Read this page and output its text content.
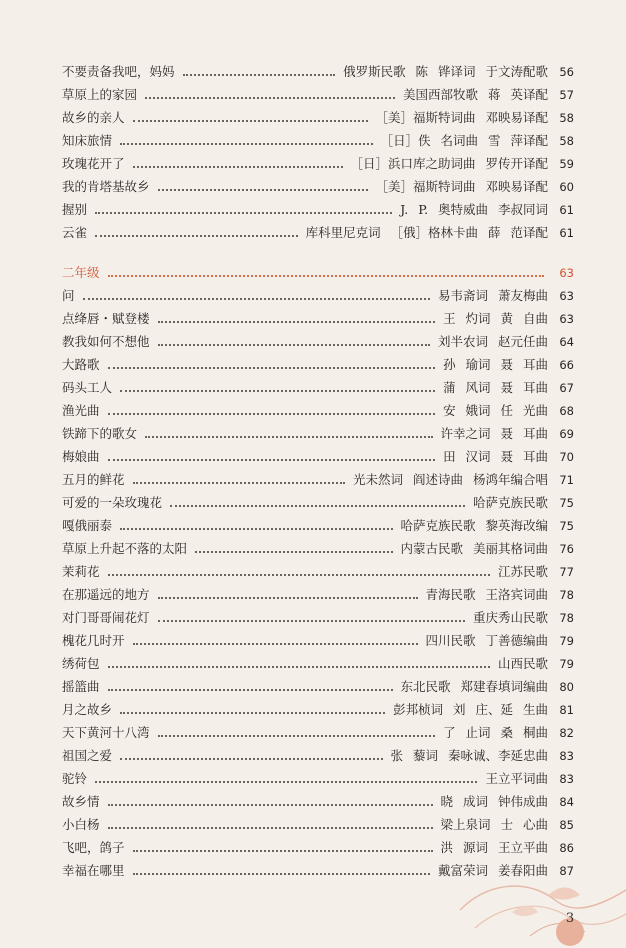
不要责备我吧，妈妈	俄罗斯民歌 陈 铧译词 于文涛配歌 56
草原上的家园	美国西部牧歌 蒋 英译配 57
故乡的亲人	［美］福斯特词曲 邓映易译配 58
知床旅情	［日］佚 名词曲 雪 萍译配 58
玫瑰花开了	［日］浜口库之助词曲 罗传开译配 59
我的肯塔基故乡	［美］福斯特词曲 邓映易译配 60
握别	J. P. 奥特威曲 李叔同词 61
云雀	库科里尼克词 ［俄］格林卡曲 薛 范译配 61
二年级	63
问	易韦斋词 萧友梅曲 63
点绛唇・赋登楼	王 灼词 黄 自曲 63
教我如何不想他	刘半农词 赵元任曲 64
大路歌	孙 瑜词 聂 耳曲 66
码头工人	蒲 风词 聂 耳曲 67
渔光曲	安 娥词 任 光曲 68
铁蹄下的歌女	许幸之词 聂 耳曲 69
梅娘曲	田 汉词 聂 耳曲 70
五月的鲜花	光未然词 阎述诗曲 杨鸿年编合唱 71
可爱的一朵玫瑰花	哈萨克族民歌 75
嘎俄丽泰	哈萨克族民歌 黎英海改编 75
草原上升起不落的太阳	内蒙古民歌 美丽其格词曲 76
茉莉花	江苏民歌 77
在那遥远的地方	青海民歌 王洛宾词曲 78
对门哥哥闹花灯	重庆秀山民歌 78
槐花几时开	四川民歌 丁善德编曲 79
绣荷包	山西民歌 79
摇篮曲	东北民歌 郑建春填词编曲 80
月之故乡	彭邦桢词 刘 庄、延 生曲 81
天下黄河十八湾	了 止词 桑 桐曲 82
祖国之爱	张 藜词 秦咏诚、李延忠曲 83
驼铃	王立平词曲 83
故乡情	晓 成词 钟伟成曲 84
小白杨	梁上泉词 士 心曲 85
飞吧，鸽子	洪 源词 王立平曲 86
幸福在哪里	戴富荣词 姜春阳曲 87
3
